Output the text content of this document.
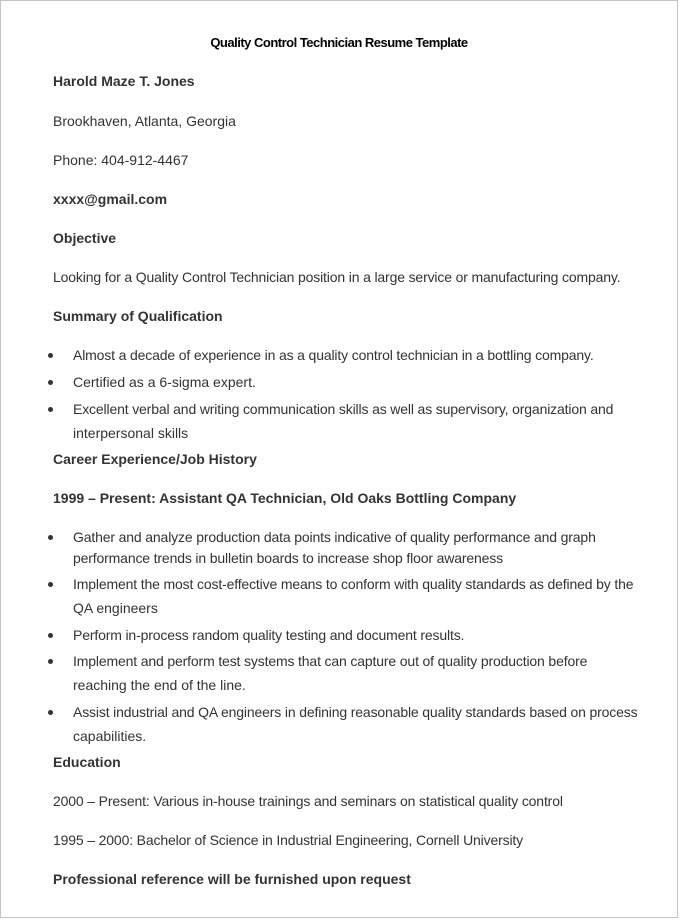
Quality Control Technician Resume Template
Harold Maze T. Jones
Brookhaven, Atlanta, Georgia
Phone: 404-912-4467
xxxx@gmail.com
Objective
Looking for a Quality Control Technician position in a large service or manufacturing company.
Summary of Qualification
Almost a decade of experience in as a quality control technician in a bottling company.
Certified as a 6-sigma expert.
Excellent verbal and writing communication skills as well as supervisory, organization and
interpersonal skills
Career Experience/Job History
1999 – Present: Assistant QA Technician, Old Oaks Bottling Company
Gather and analyze production data points indicative of quality performance and graph
performance trends in bulletin boards to increase shop floor awareness
Implement the most cost-effective means to conform with quality standards as defined by the
QA engineers
Perform in-process random quality testing and document results.
Implement and perform test systems that can capture out of quality production before
reaching the end of the line.
Assist industrial and QA engineers in defining reasonable quality standards based on process
capabilities.
Education
2000 – Present: Various in-house trainings and seminars on statistical quality control
1995 – 2000: Bachelor of Science in Industrial Engineering, Cornell University
Professional reference will be furnished upon request
